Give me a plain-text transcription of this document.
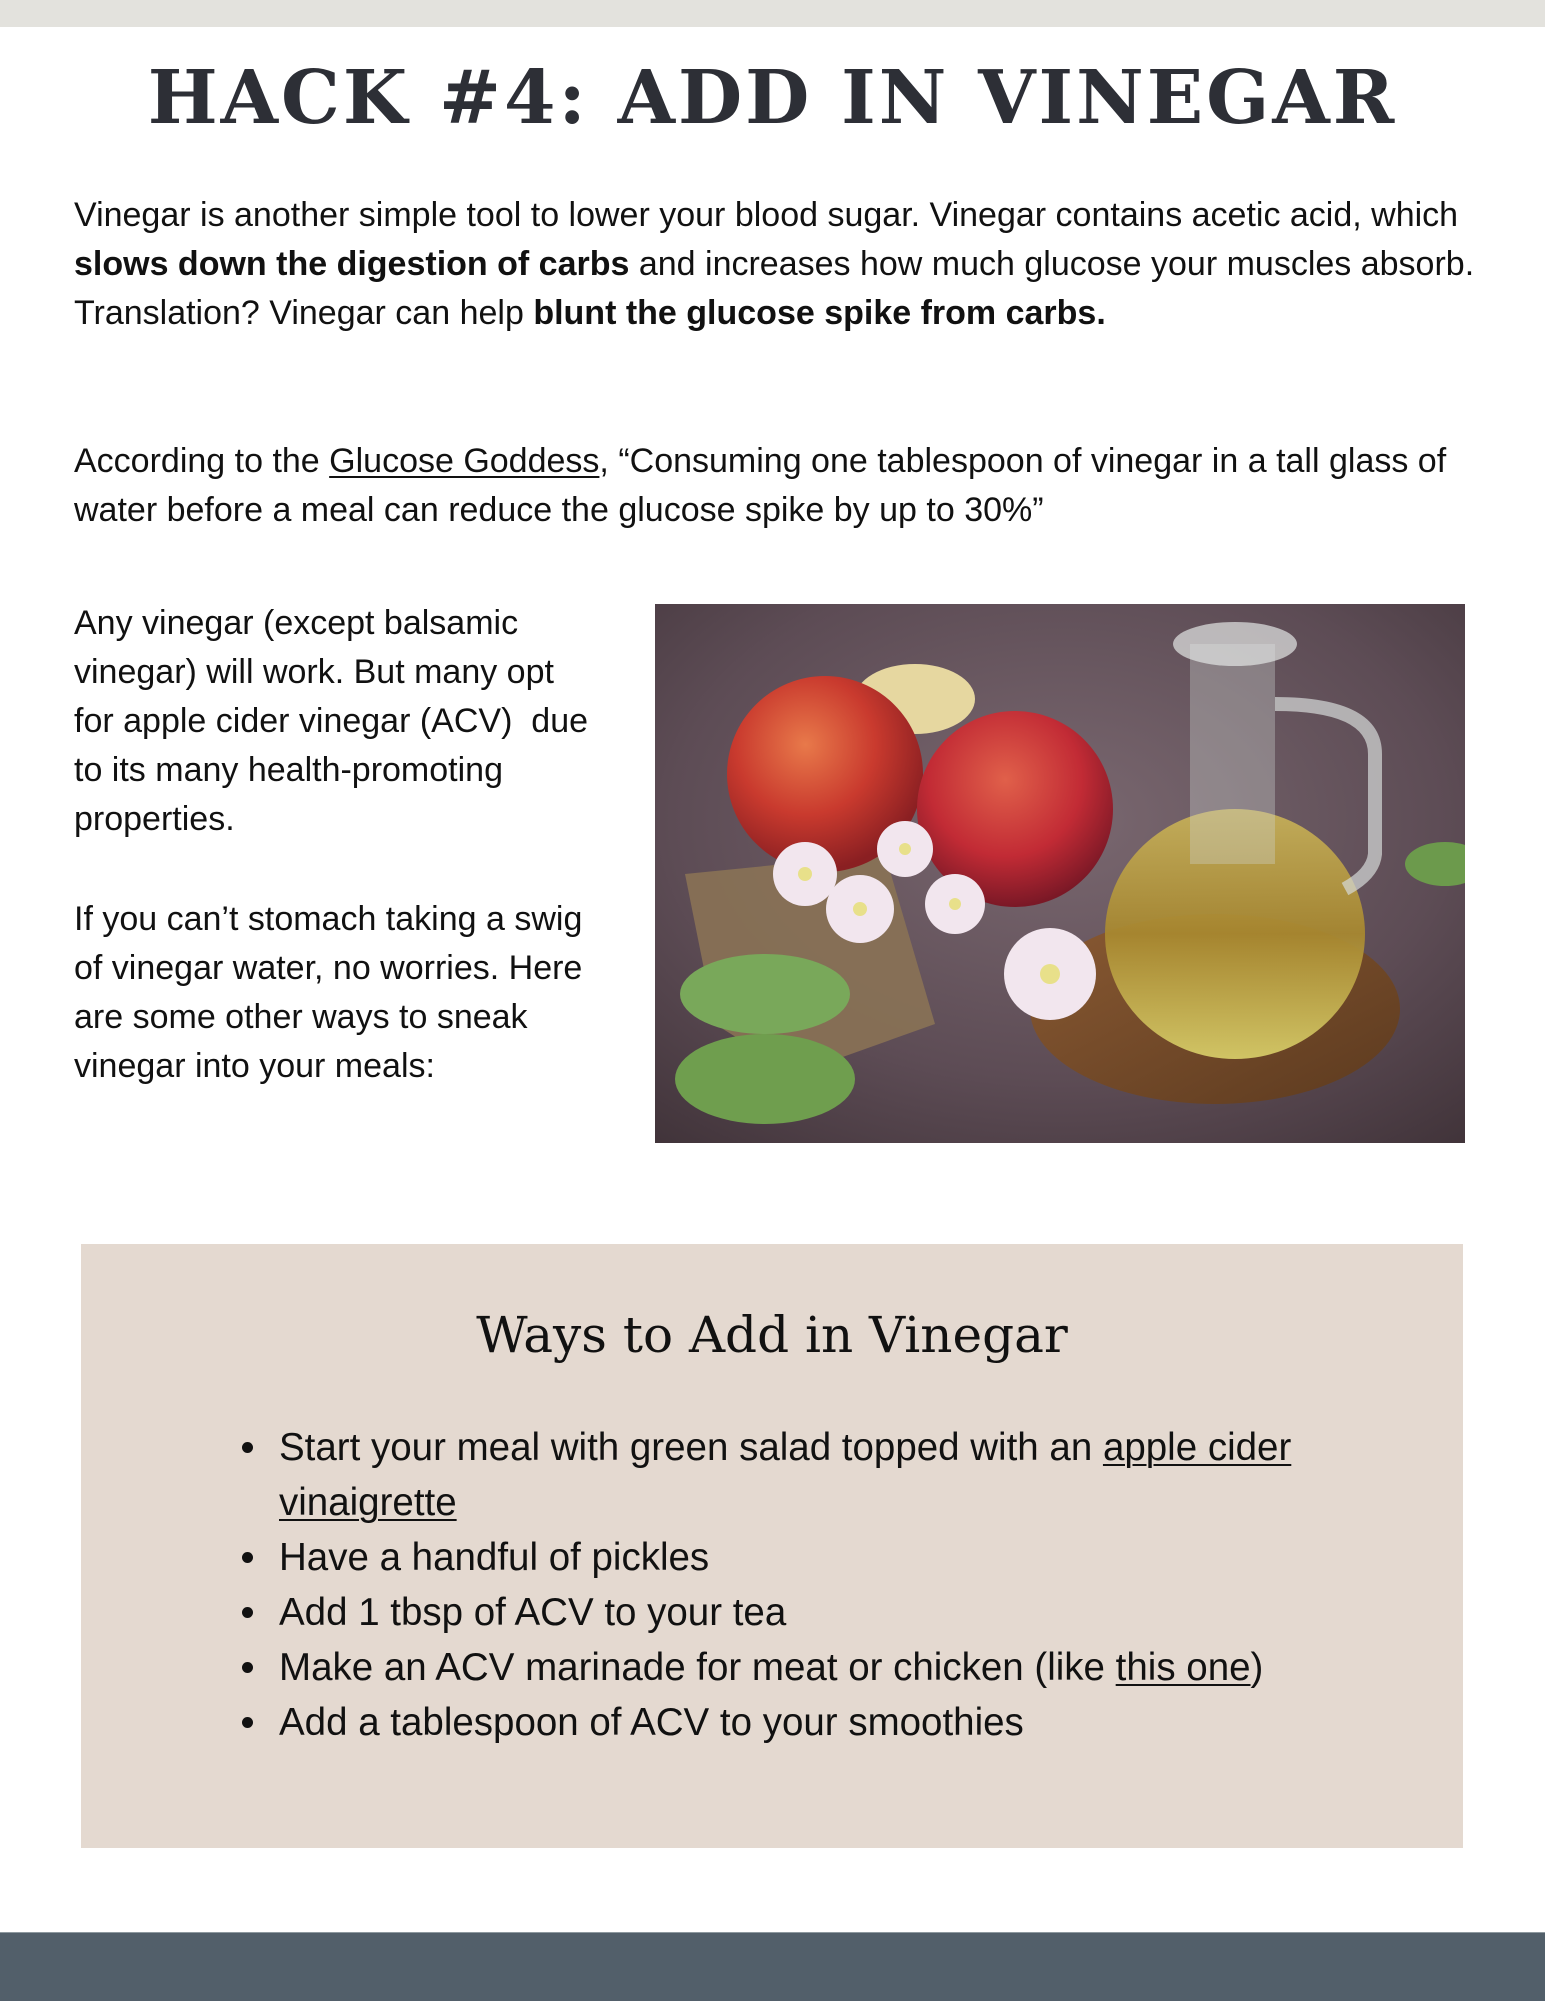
HACK #4: ADD IN VINEGAR

Vinegar is another simple tool to lower your blood sugar. Vinegar contains acetic acid, which slows down the digestion of carbs and increases how much glucose your muscles absorb. Translation? Vinegar can help blunt the glucose spike from carbs.

According to the Glucose Goddess, “Consuming one tablespoon of vinegar in a tall glass of water before a meal can reduce the glucose spike by up to 30%”

Any vinegar (except balsamic vinegar) will work. But many opt for apple cider vinegar (ACV)  due to its many health-promoting properties.

If you can’t stomach taking a swig of vinegar water, no worries. Here are some other ways to sneak vinegar into your meals:

Ways to Add in Vinegar
Start your meal with green salad topped with an apple cider vinaigrette
Have a handful of pickles
Add 1 tbsp of ACV to your tea
Make an ACV marinade for meat or chicken (like this one)
Add a tablespoon of ACV to your smoothies
